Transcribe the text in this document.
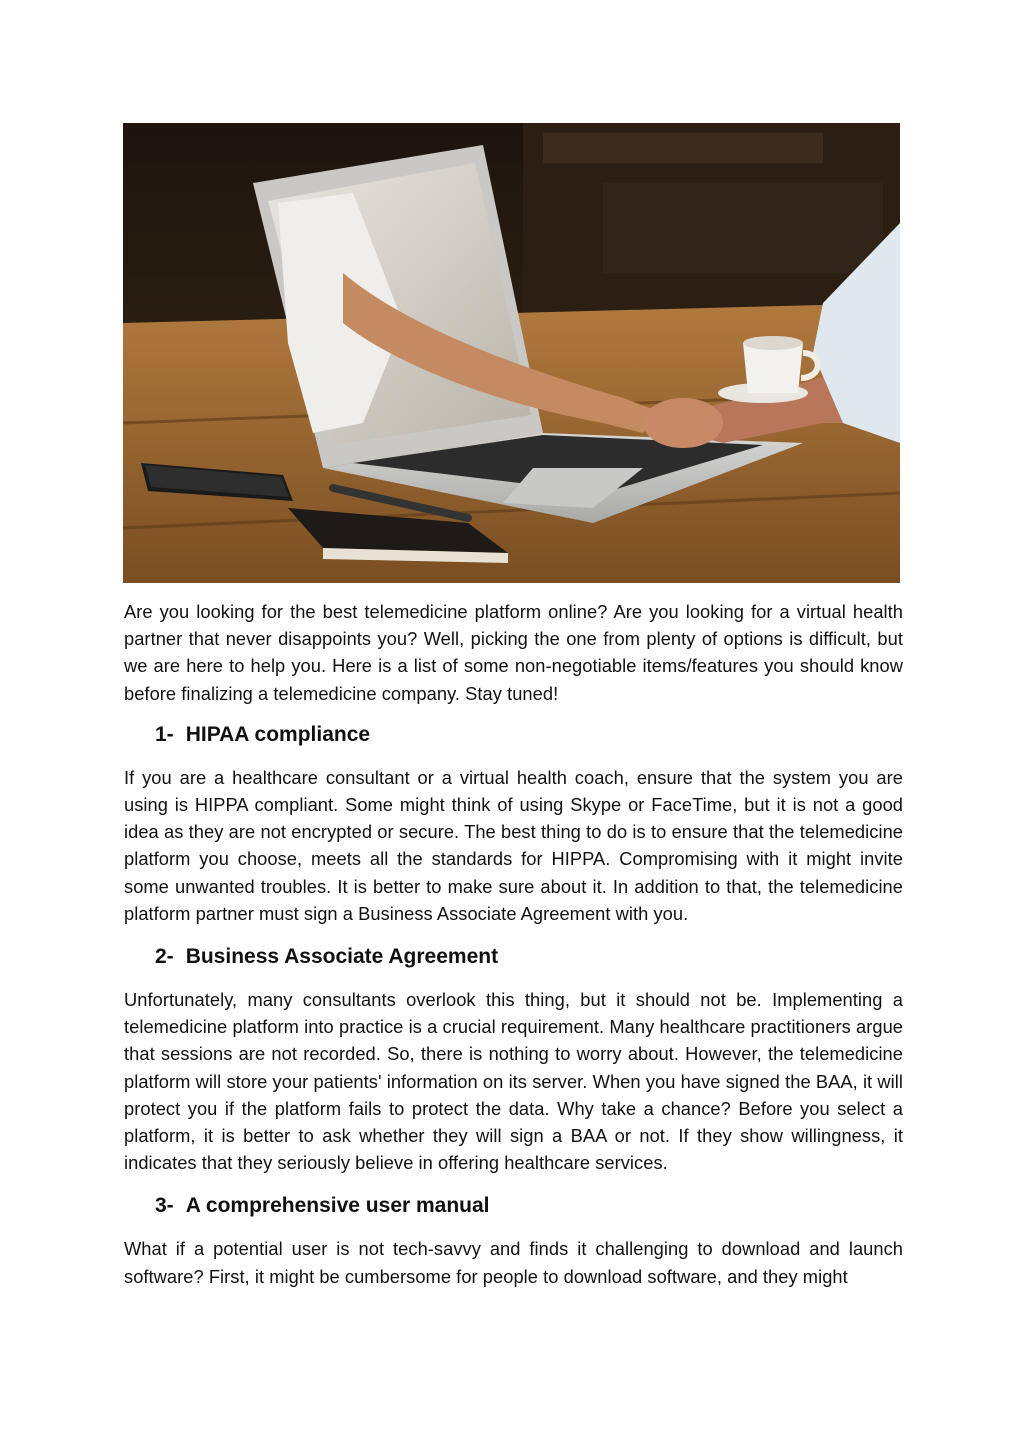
Are you looking for the best telemedicine platform online? Are you looking for a virtual health partner that never disappoints you? Well, picking the one from plenty of options is difficult, but we are here to help you. Here is a list of some non-negotiable items/features you should know before finalizing a telemedicine company. Stay tuned!

1- HIPAA compliance

If you are a healthcare consultant or a virtual health coach, ensure that the system you are using is HIPPA compliant. Some might think of using Skype or FaceTime, but it is not a good idea as they are not encrypted or secure. The best thing to do is to ensure that the telemedicine platform you choose, meets all the standards for HIPPA. Compromising with it might invite some unwanted troubles. It is better to make sure about it. In addition to that, the telemedicine platform partner must sign a Business Associate Agreement with you.

2- Business Associate Agreement

Unfortunately, many consultants overlook this thing, but it should not be. Implementing a telemedicine platform into practice is a crucial requirement. Many healthcare practitioners argue that sessions are not recorded. So, there is nothing to worry about. However, the telemedicine platform will store your patients' information on its server. When you have signed the BAA, it will protect you if the platform fails to protect the data. Why take a chance? Before you select a platform, it is better to ask whether they will sign a BAA or not. If they show willingness, it indicates that they seriously believe in offering healthcare services.

3- A comprehensive user manual

What if a potential user is not tech-savvy and finds it challenging to download and launch software? First, it might be cumbersome for people to download software, and they might
